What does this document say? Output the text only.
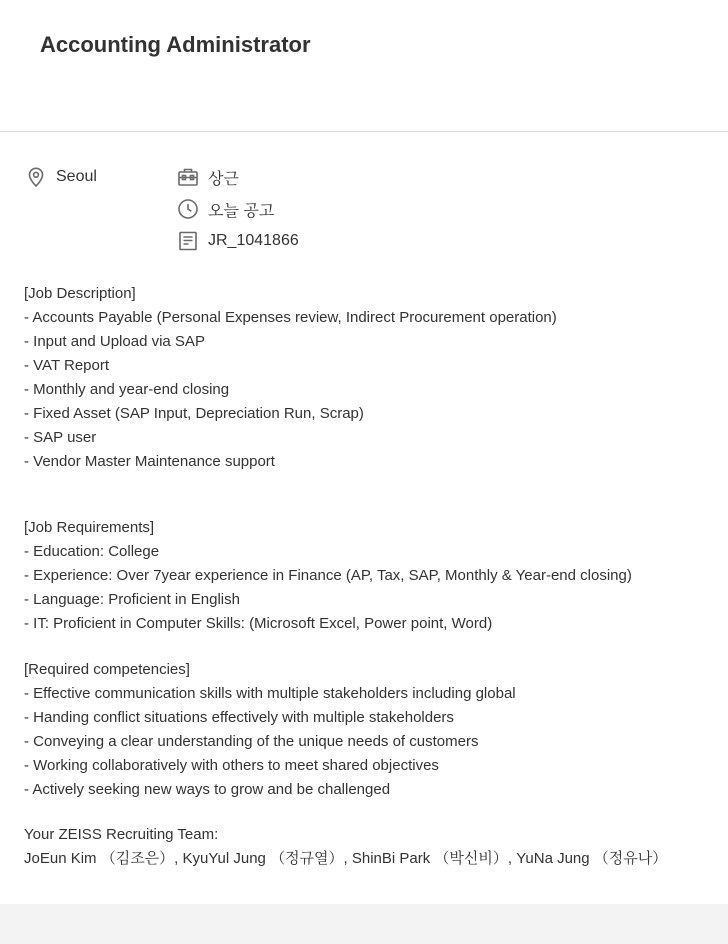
Accounting Administrator
Seoul	상근
오늘 공고
JR_1041866
[Job Description]
- Accounts Payable (Personal Expenses review, Indirect Procurement operation)
- Input and Upload via SAP
- VAT Report
- Monthly and year-end closing
- Fixed Asset (SAP Input, Depreciation Run, Scrap)
- SAP user
- Vendor Master Maintenance support
[Job Requirements]
- Education: College
- Experience: Over 7year experience in Finance (AP, Tax, SAP, Monthly & Year-end closing)
- Language: Proficient in English
- IT: Proficient in Computer Skills: (Microsoft Excel, Power point, Word)
[Required competencies]
- Effective communication skills with multiple stakeholders including global
- Handing conflict situations effectively with multiple stakeholders
- Conveying a clear understanding of the unique needs of customers
- Working collaboratively with others to meet shared objectives
- Actively seeking new ways to grow and be challenged
Your ZEISS Recruiting Team:
JoEun Kim （김조은）, KyuYul Jung （정규열）, ShinBi Park （박신비）, YuNa Jung （정유나）
